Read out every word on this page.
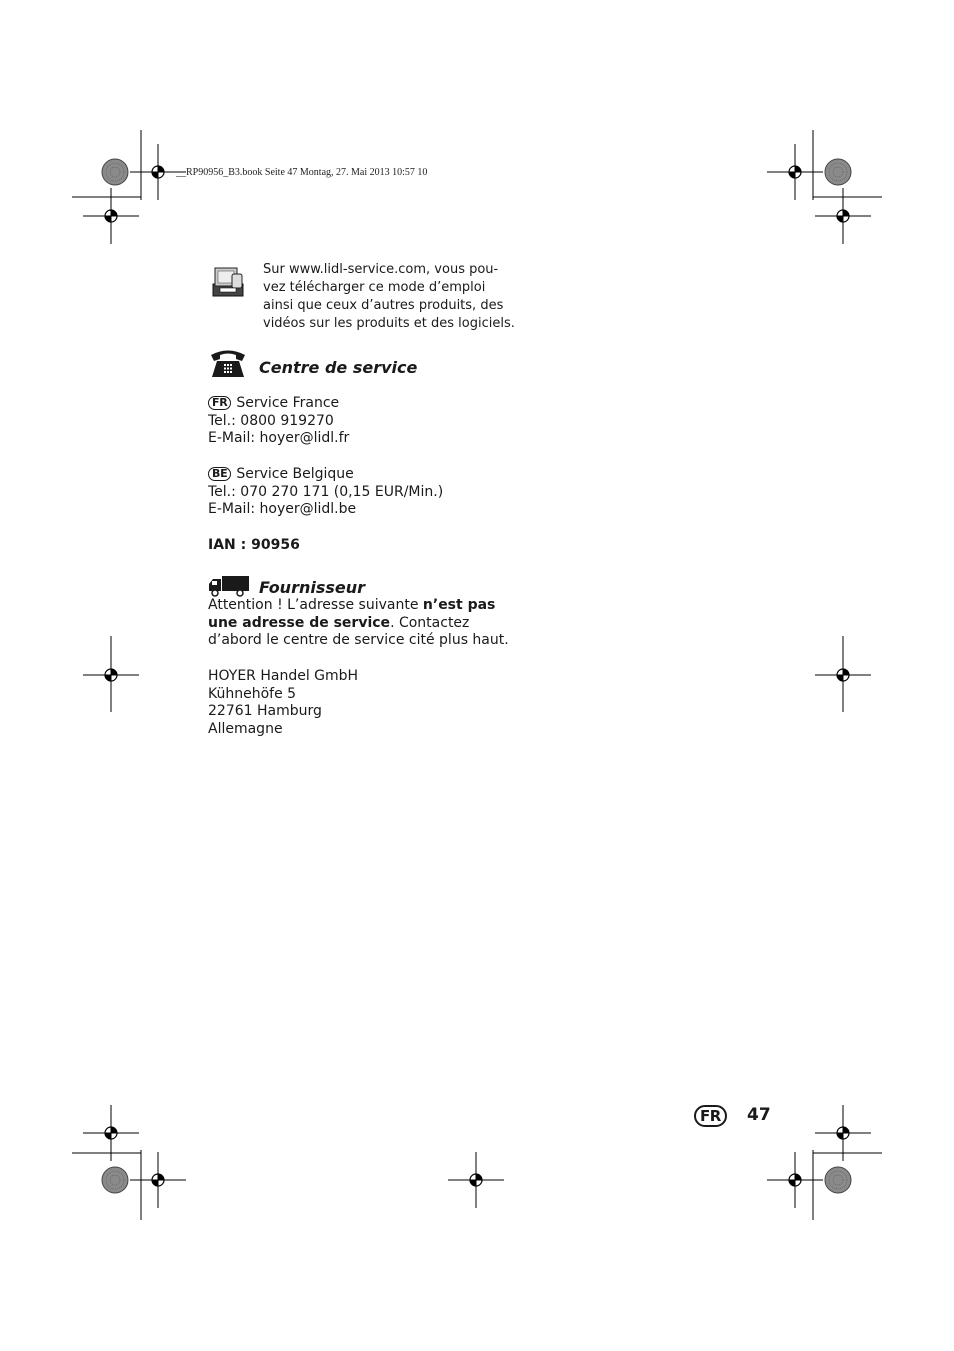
__RP90956_B3.book Seite 47 Montag, 27. Mai 2013 10:57 10
Sur www.lidl-service.com, vous pou-
vez télécharger ce mode d’emploi
ainsi que ceux d’autres produits, des
vidéos sur les produits et des logiciels.
Centre de service
FR Service France
Tel.: 0800 919270
E-Mail: hoyer@lidl.fr
BE Service Belgique
Tel.: 070 270 171 (0,15 EUR/Min.)
E-Mail: hoyer@lidl.be
IAN : 90956
Fournisseur
Attention ! L’adresse suivante n’est pas
une adresse de service. Contactez
d’abord le centre de service cité plus haut.
HOYER Handel GmbH
Kühnehöfe 5
22761 Hamburg
Allemagne
FR	47
